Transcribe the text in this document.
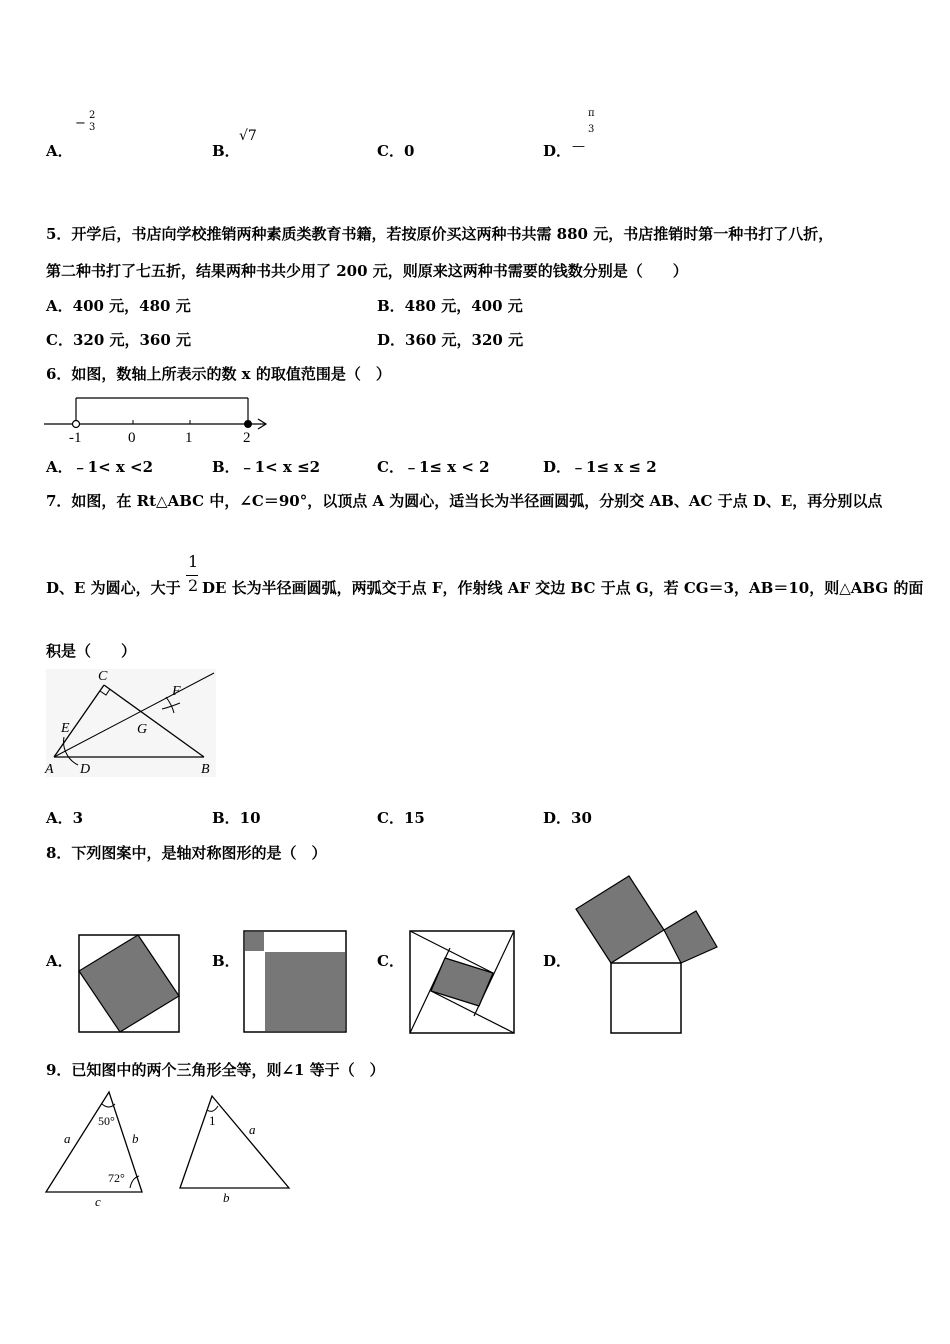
A．
−
2
3
B．
√7
C．0	D． —
π
3
5．开学后，书店向学校推销两种素质类教育书籍，若按原价买这两种书共需 880 元，书店推销时第一种书打了八折，
第二种书打了七五折，结果两种书共少用了 200 元，则原来这两种书需要的钱数分别是（　　）
A．400 元，480 元	B．480 元，400 元
C．320 元，360 元	D．360 元，320 元
6．如图，数轴上所表示的数 x 的取值范围是（　）
-1	0	1	2
A．﹣1< x <2	B．﹣1< x ≤2	C．﹣1≤ x < 2	D．﹣1≤ x ≤ 2
7．如图，在 Rt△ABC 中，∠C＝90°，以顶点 A 为圆心，适当长为半径画圆弧，分别交 AB、AC 于点 D、E，再分别以点
D、E 为圆心，大于
1
2 DE 长为半径画圆弧，两弧交于点 F，作射线 AF 交边 BC 于点 G，若 CG＝3，AB＝10，则△ABG 的面
积是（　　）
C
F
E	G
A D	B
A．3	B．10	C．15	D．30
8．下列图案中，是轴对称图形的是（　）
A．	B．	C．	D．
9．已知图中的两个三角形全等，则∠1 等于（　）
50°
a	b
72°
c
1
a
b
